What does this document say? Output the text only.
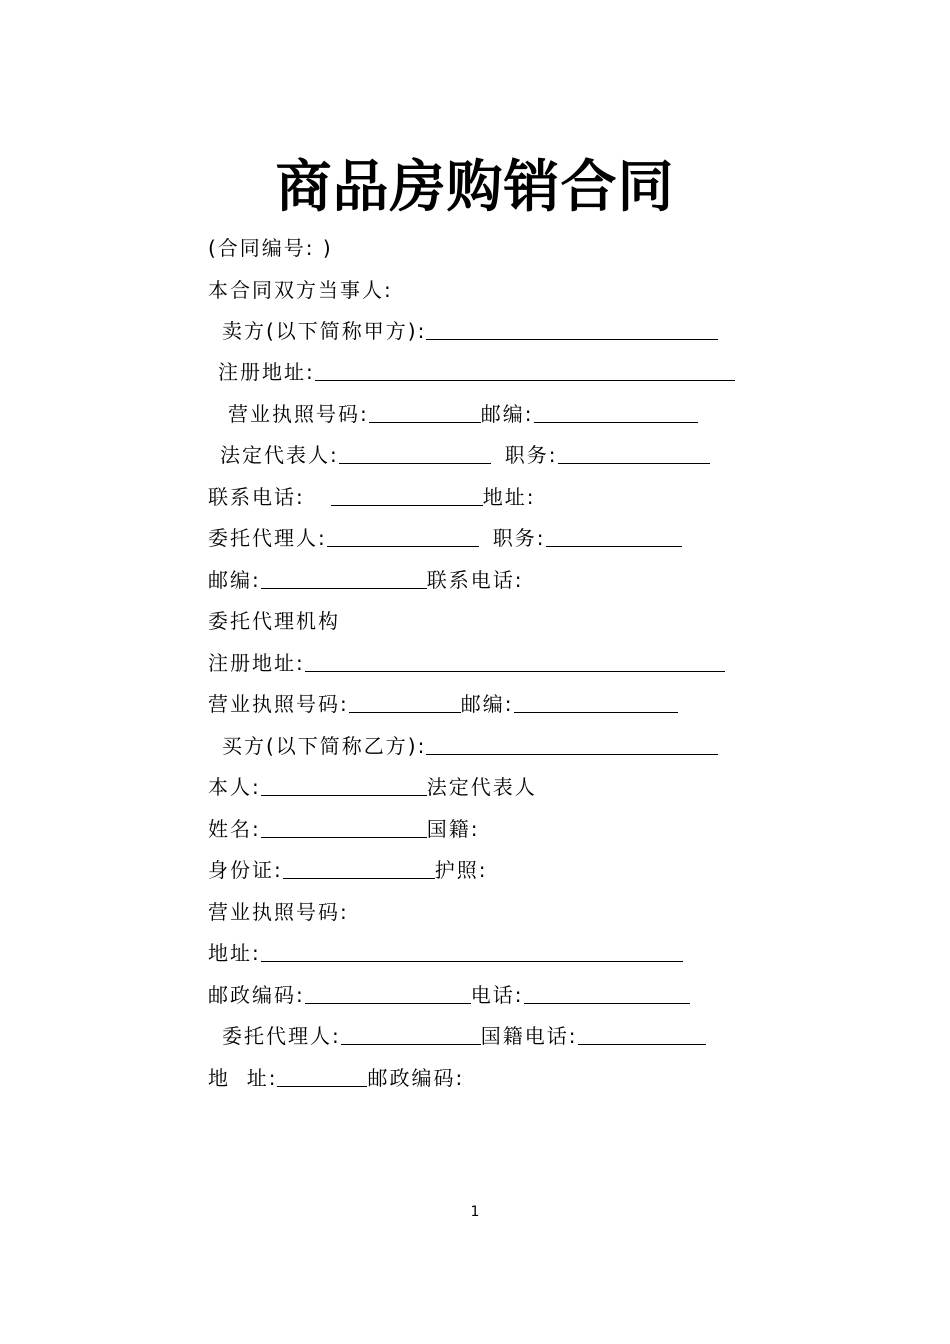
商品房购销合同
(合同编号: )
本合同双方当事人:
卖方(以下简称甲方):
注册地址:
营业执照号码:	邮编:
法定代表人:	职务:
联系电话:	地址:
委托代理人:	职务:
邮编:	联系电话:
委托代理机构
注册地址:
营业执照号码:	邮编:
买方(以下简称乙方):
本人:	法定代表人
姓名:	国籍:
身份证:	护照:
营业执照号码:
地址:
邮政编码:	电话:
委托代理人:	国籍电话:
地  址:	邮政编码:
1
